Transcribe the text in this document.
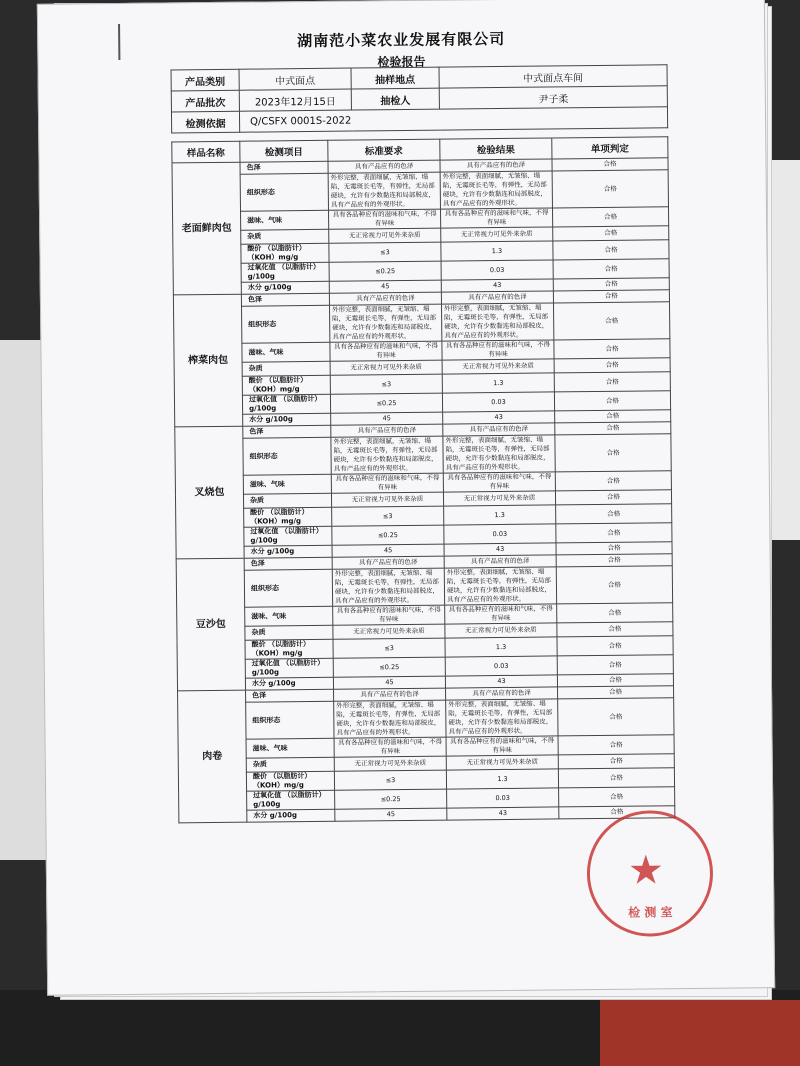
湖南范小菜农业发展有限公司
检验报告
产品类别	中式面点	抽样地点	中式面点车间
产品批次	2023年12月15日	抽检人	尹子柔
检测依据	Q/CSFX 0001S-2022		
样品名称	检测项目	标准要求	检验结果	单项判定
老面鲜肉包	色泽	具有产品应有的色泽	具有产品应有的色泽	合格
	组织形态	外形完整，表面细腻，无皱缩、塌陷，无霉斑长毛等，有弹性，无局部硬块，允许有少数黏连和局部脱皮，具有产品应有的外观形状。	外形完整，表面细腻，无皱缩、塌陷，无霉斑长毛等，有弹性，无局部硬块，允许有少数黏连和局部脱皮，具有产品应有的外观形状。	合格
	滋味、气味	具有各品种应有的滋味和气味，不得有异味	具有各品种应有的滋味和气味，不得有异味	合格
	杂质	无正常视力可见外来杂质	无正常视力可见外来杂质	合格
	酸价 （以脂肪计）（KOH）mg/g	≤3	1.3	合格
	过氧化值 （以脂肪计）g/100g	≤0.25	0.03	合格
	水分 g/100g	45	43	合格
榨菜肉包	色泽	具有产品应有的色泽	具有产品应有的色泽	合格
	组织形态	外形完整，表面细腻，无皱缩、塌陷，无霉斑长毛等，有弹性，无局部硬块，允许有少数黏连和局部脱皮，具有产品应有的外观形状。	外形完整，表面细腻，无皱缩、塌陷，无霉斑长毛等，有弹性，无局部硬块，允许有少数黏连和局部脱皮，具有产品应有的外观形状。	合格
	滋味、气味	具有各品种应有的滋味和气味，不得有异味	具有各品种应有的滋味和气味，不得有异味	合格
	杂质	无正常视力可见外来杂质	无正常视力可见外来杂质	合格
	酸价 （以脂肪计）（KOH）mg/g	≤3	1.3	合格
	过氧化值 （以脂肪计）g/100g	≤0.25	0.03	合格
	水分 g/100g	45	43	合格
叉烧包	色泽	具有产品应有的色泽	具有产品应有的色泽	合格
	组织形态	外形完整，表面细腻，无皱缩、塌陷，无霉斑长毛等，有弹性，无局部硬块，允许有少数黏连和局部脱皮，具有产品应有的外观形状。	外形完整，表面细腻，无皱缩、塌陷，无霉斑长毛等，有弹性，无局部硬块，允许有少数黏连和局部脱皮，具有产品应有的外观形状。	合格
	滋味、气味	具有各品种应有的滋味和气味，不得有异味	具有各品种应有的滋味和气味，不得有异味	合格
	杂质	无正常视力可见外来杂质	无正常视力可见外来杂质	合格
	酸价 （以脂肪计）（KOH）mg/g	≤3	1.3	合格
	过氧化值 （以脂肪计）g/100g	≤0.25	0.03	合格
	水分 g/100g	45	43	合格
豆沙包	色泽	具有产品应有的色泽	具有产品应有的色泽	合格
	组织形态	外形完整，表面细腻，无皱缩、塌陷，无霉斑长毛等，有弹性，无局部硬块，允许有少数黏连和局部脱皮，具有产品应有的外观形状。	外形完整，表面细腻，无皱缩、塌陷，无霉斑长毛等，有弹性，无局部硬块，允许有少数黏连和局部脱皮，具有产品应有的外观形状。	合格
	滋味、气味	具有各品种应有的滋味和气味，不得有异味	具有各品种应有的滋味和气味，不得有异味	合格
	杂质	无正常视力可见外来杂质	无正常视力可见外来杂质	合格
	酸价 （以脂肪计）（KOH）mg/g	≤3	1.3	合格
	过氧化值 （以脂肪计）g/100g	≤0.25	0.03	合格
	水分 g/100g	45	43	合格
肉卷	色泽	具有产品应有的色泽	具有产品应有的色泽	合格
	组织形态	外形完整，表面细腻，无皱缩、塌陷，无霉斑长毛等，有弹性，无局部硬块，允许有少数黏连和局部脱皮，具有产品应有的外观形状。	外形完整，表面细腻，无皱缩、塌陷，无霉斑长毛等，有弹性，无局部硬块，允许有少数黏连和局部脱皮，具有产品应有的外观形状。	合格
	滋味、气味	具有各品种应有的滋味和气味，不得有异味	具有各品种应有的滋味和气味，不得有异味	合格
	杂质	无正常视力可见外来杂质	无正常视力可见外来杂质	合格
	酸价 （以脂肪计）（KOH）mg/g	≤3	1.3	合格
	过氧化值 （以脂肪计）g/100g	≤0.25	0.03	合格
	水分 g/100g	45	43	合格
★
检 测 室
